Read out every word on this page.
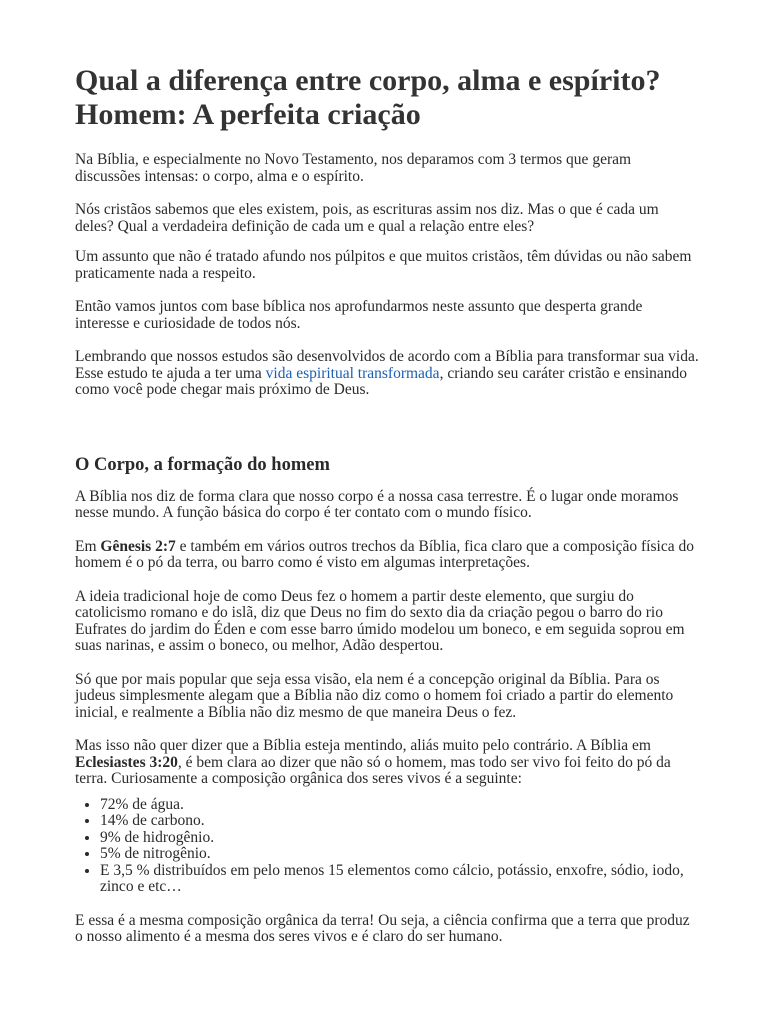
Qual a diferença entre corpo, alma e espírito?
Homem: A perfeita criação

Na Bíblia, e especialmente no Novo Testamento, nos deparamos com 3 termos que geram discussões intensas: o corpo, alma e o espírito.

Nós cristãos sabemos que eles existem, pois, as escrituras assim nos diz. Mas o que é cada um deles? Qual a verdadeira definição de cada um e qual a relação entre eles?

Um assunto que não é tratado afundo nos púlpitos e que muitos cristãos, têm dúvidas ou não sabem praticamente nada a respeito.

Então vamos juntos com base bíblica nos aprofundarmos neste assunto que desperta grande interesse e curiosidade de todos nós.

Lembrando que nossos estudos são desenvolvidos de acordo com a Bíblia para transformar sua vida. Esse estudo te ajuda a ter uma vida espiritual transformada, criando seu caráter cristão e ensinando como você pode chegar mais próximo de Deus.

O Corpo, a formação do homem

A Bíblia nos diz de forma clara que nosso corpo é a nossa casa terrestre. É o lugar onde moramos nesse mundo. A função básica do corpo é ter contato com o mundo físico.

Em Gênesis 2:7 e também em vários outros trechos da Bíblia, fica claro que a composição física do homem é o pó da terra, ou barro como é visto em algumas interpretações.

A ideia tradicional hoje de como Deus fez o homem a partir deste elemento, que surgiu do catolicismo romano e do islã, diz que Deus no fim do sexto dia da criação pegou o barro do rio Eufrates do jardim do Éden e com esse barro úmido modelou um boneco, e em seguida soprou em suas narinas, e assim o boneco, ou melhor, Adão despertou.

Só que por mais popular que seja essa visão, ela nem é a concepção original da Bíblia. Para os judeus simplesmente alegam que a Bíblia não diz como o homem foi criado a partir do elemento inicial, e realmente a Bíblia não diz mesmo de que maneira Deus o fez.

Mas isso não quer dizer que a Bíblia esteja mentindo, aliás muito pelo contrário. A Bíblia em Eclesiastes 3:20, é bem clara ao dizer que não só o homem, mas todo ser vivo foi feito do pó da terra. Curiosamente a composição orgânica dos seres vivos é a seguinte:

• 72% de água.
• 14% de carbono.
• 9% de hidrogênio.
• 5% de nitrogênio.
• E 3,5 % distribuídos em pelo menos 15 elementos como cálcio, potássio, enxofre, sódio, iodo, zinco e etc…

E essa é a mesma composição orgânica da terra! Ou seja, a ciência confirma que a terra que produz o nosso alimento é a mesma dos seres vivos e é claro do ser humano.
